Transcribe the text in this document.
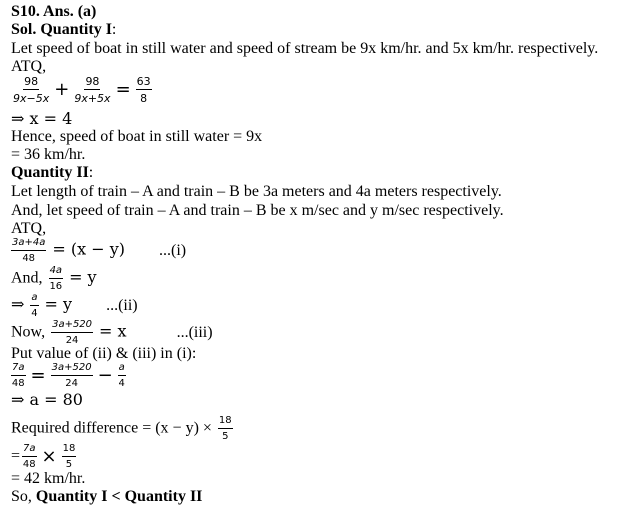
S10. Ans. (a)
Sol. Quantity I:
Let speed of boat in still water and speed of stream be 9x km/hr. and 5x km/hr. respectively.
ATQ,
$\frac{98}{9x-5x} + \frac{98}{9x+5x} = \frac{63}{8}$
⇒ x = 4
Hence, speed of boat in still water = 9x
= 36 km/hr.
Quantity II:
Let length of train – A and train – B be 3a meters and 4a meters respectively.
And, let speed of train – A and train – B be x m/sec and y m/sec respectively.
ATQ,
$\frac{3a+4a}{48} = (x - y)$ ...(i)
And, $\frac{4a}{16} = y$
⇒ $\frac{a}{4} = y$ ...(ii)
Now, $\frac{3a+520}{24} = x$	...(iii)
Put value of (ii) & (iii) in (i):
$\frac{7a}{48} = \frac{3a+520}{24} - \frac{a}{4}$
⇒ a = 80
Required difference = $(x - y) \times \frac{18}{5}$
= $\frac{7a}{48} \times \frac{18}{5}$
= 42 km/hr.
So, Quantity I < Quantity II
